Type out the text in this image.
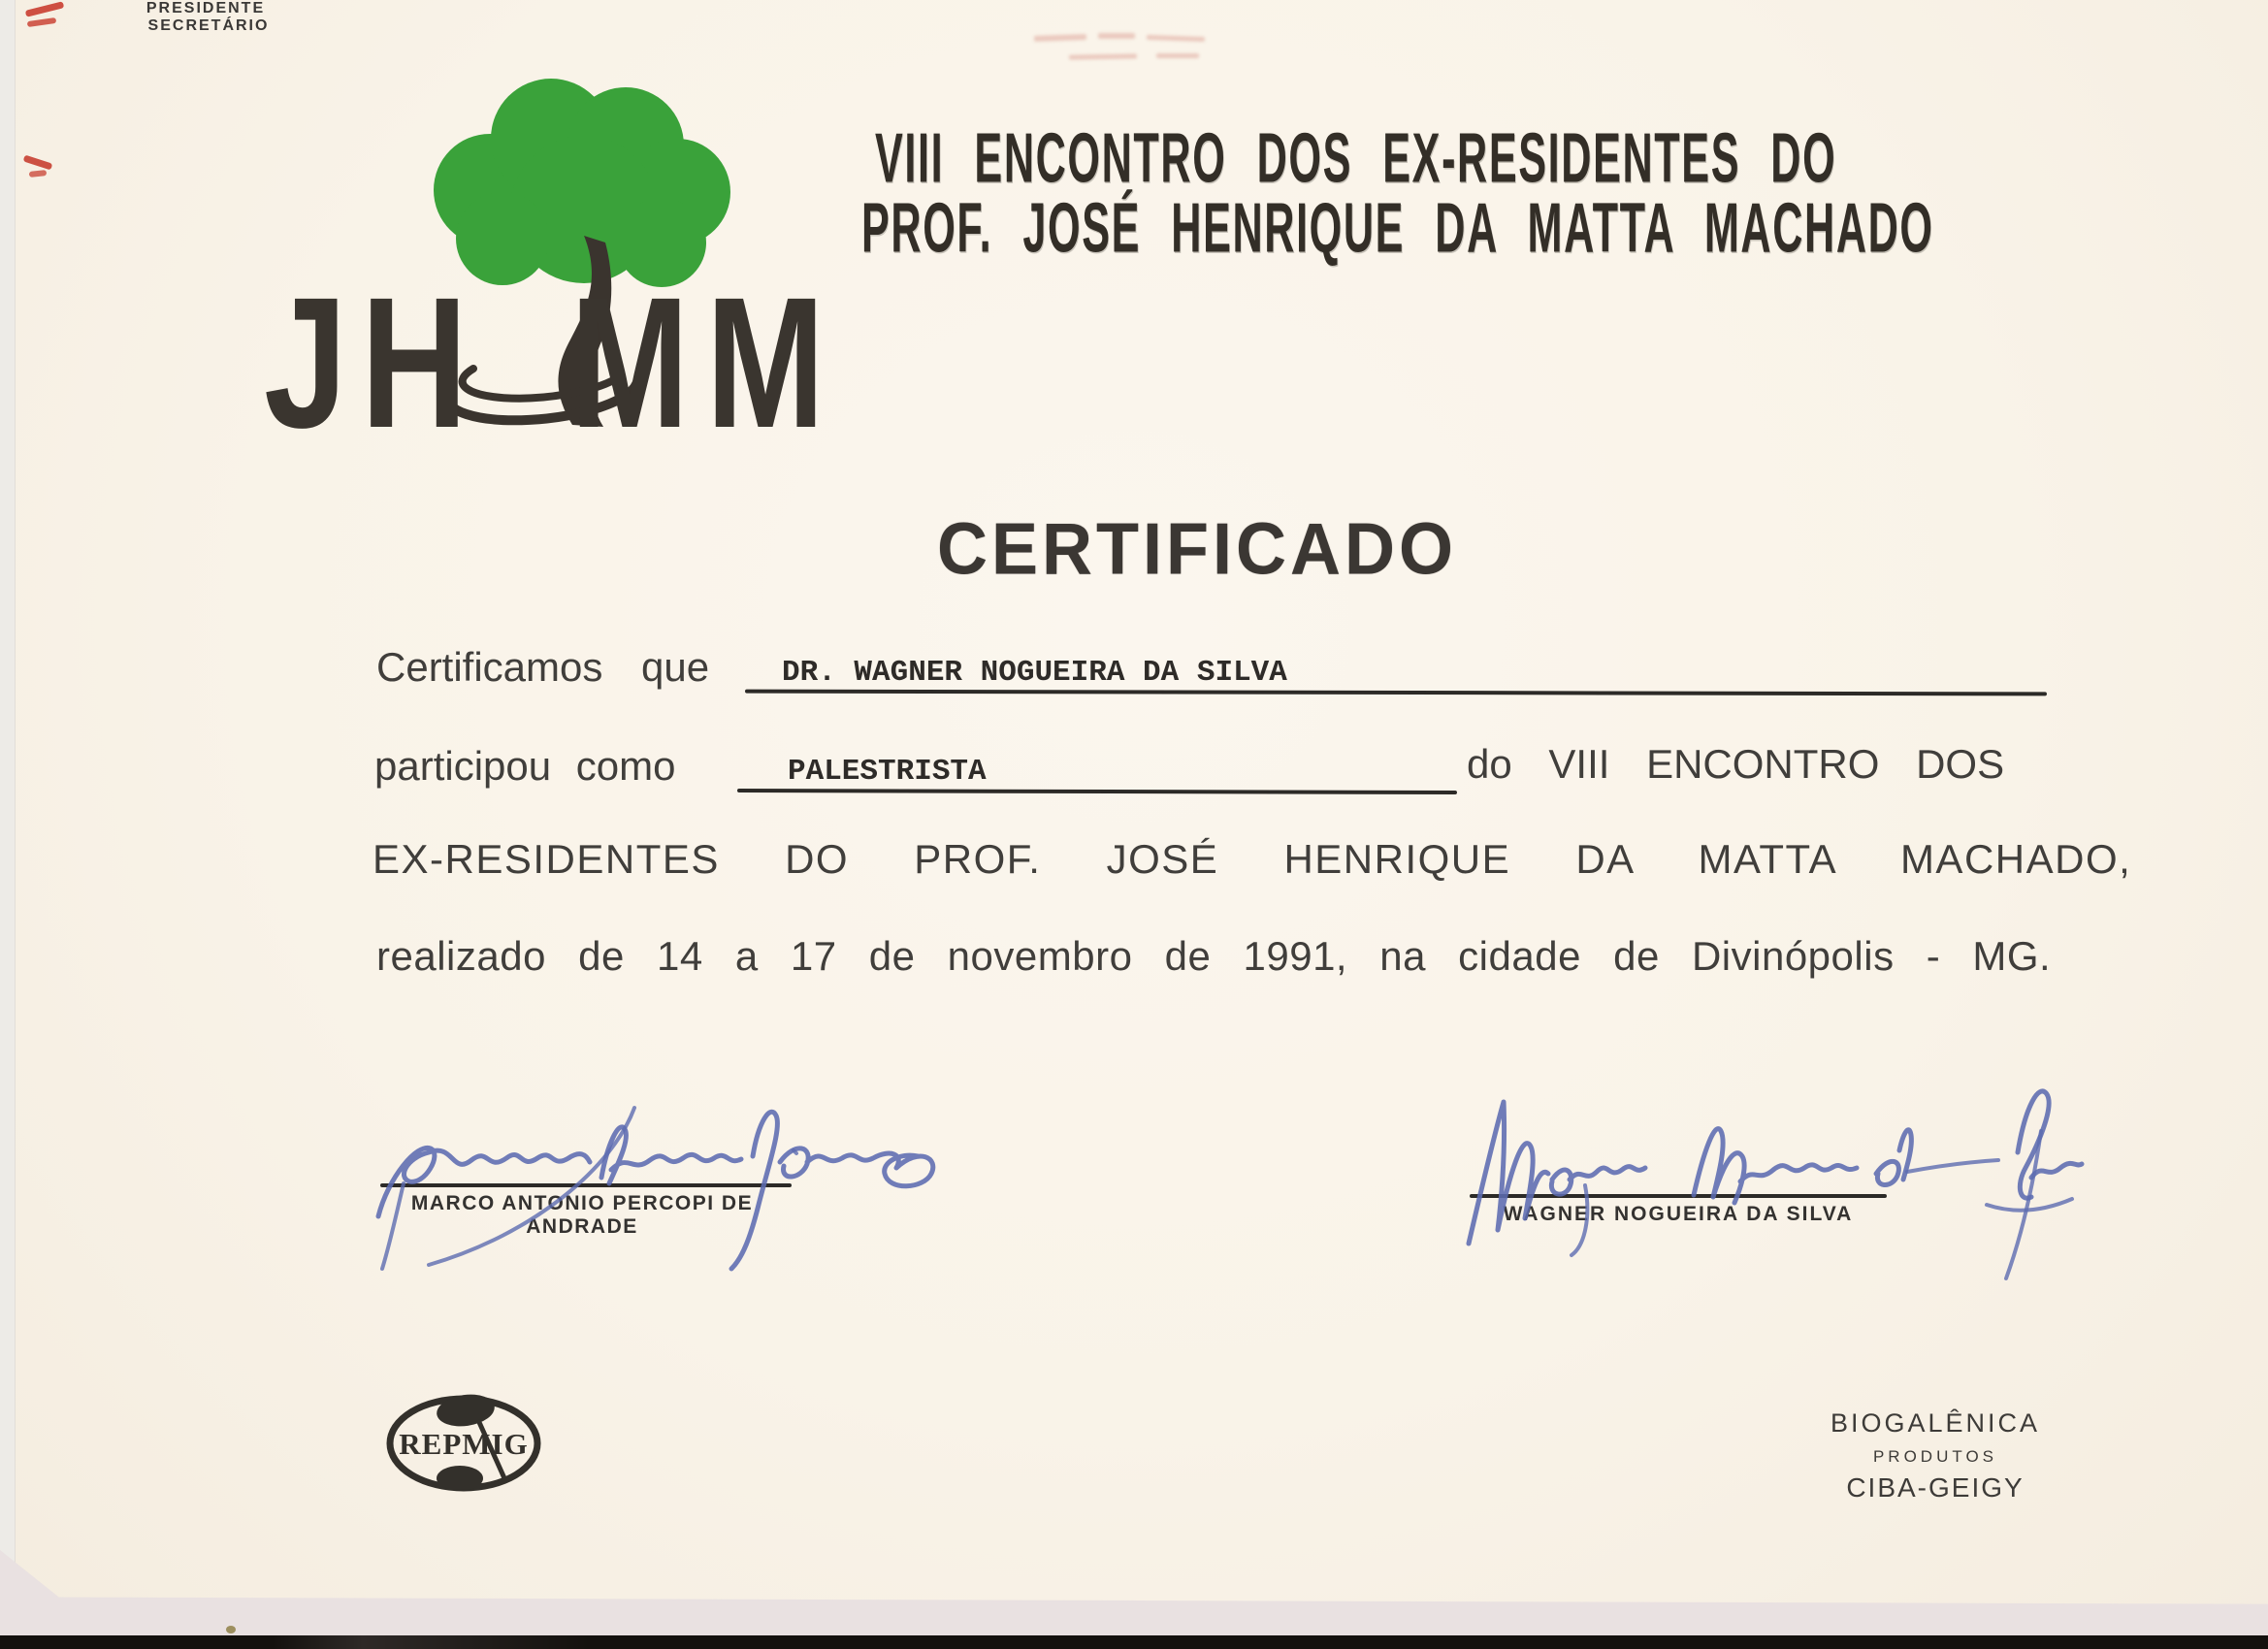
J H M M
VIII ENCONTRO DOS EX-RESIDENTES DO
PROF. JOSÉ HENRIQUE DA MATTA MACHADO
CERTIFICADO
Certificamos que DR. WAGNER NOGUEIRA DA SILVA
participou como	PALESTRISTA	do VIII ENCONTRO DOS
EX-RESIDENTES DO PROF. JOSÉ HENRIQUE DA MATTA MACHADO,
realizado de 14 a 17 de novembro de 1991, na cidade de Divinópolis - MG.
MARCO ANTONIO PERCOPI DE ANDRADE
PRESIDENTE
WAGNER NOGUEIRA DA SILVA
SECRETÁRIO
REPMIG
BIOGALÊNICA
PRODUTOS
CIBA-GEIGY
